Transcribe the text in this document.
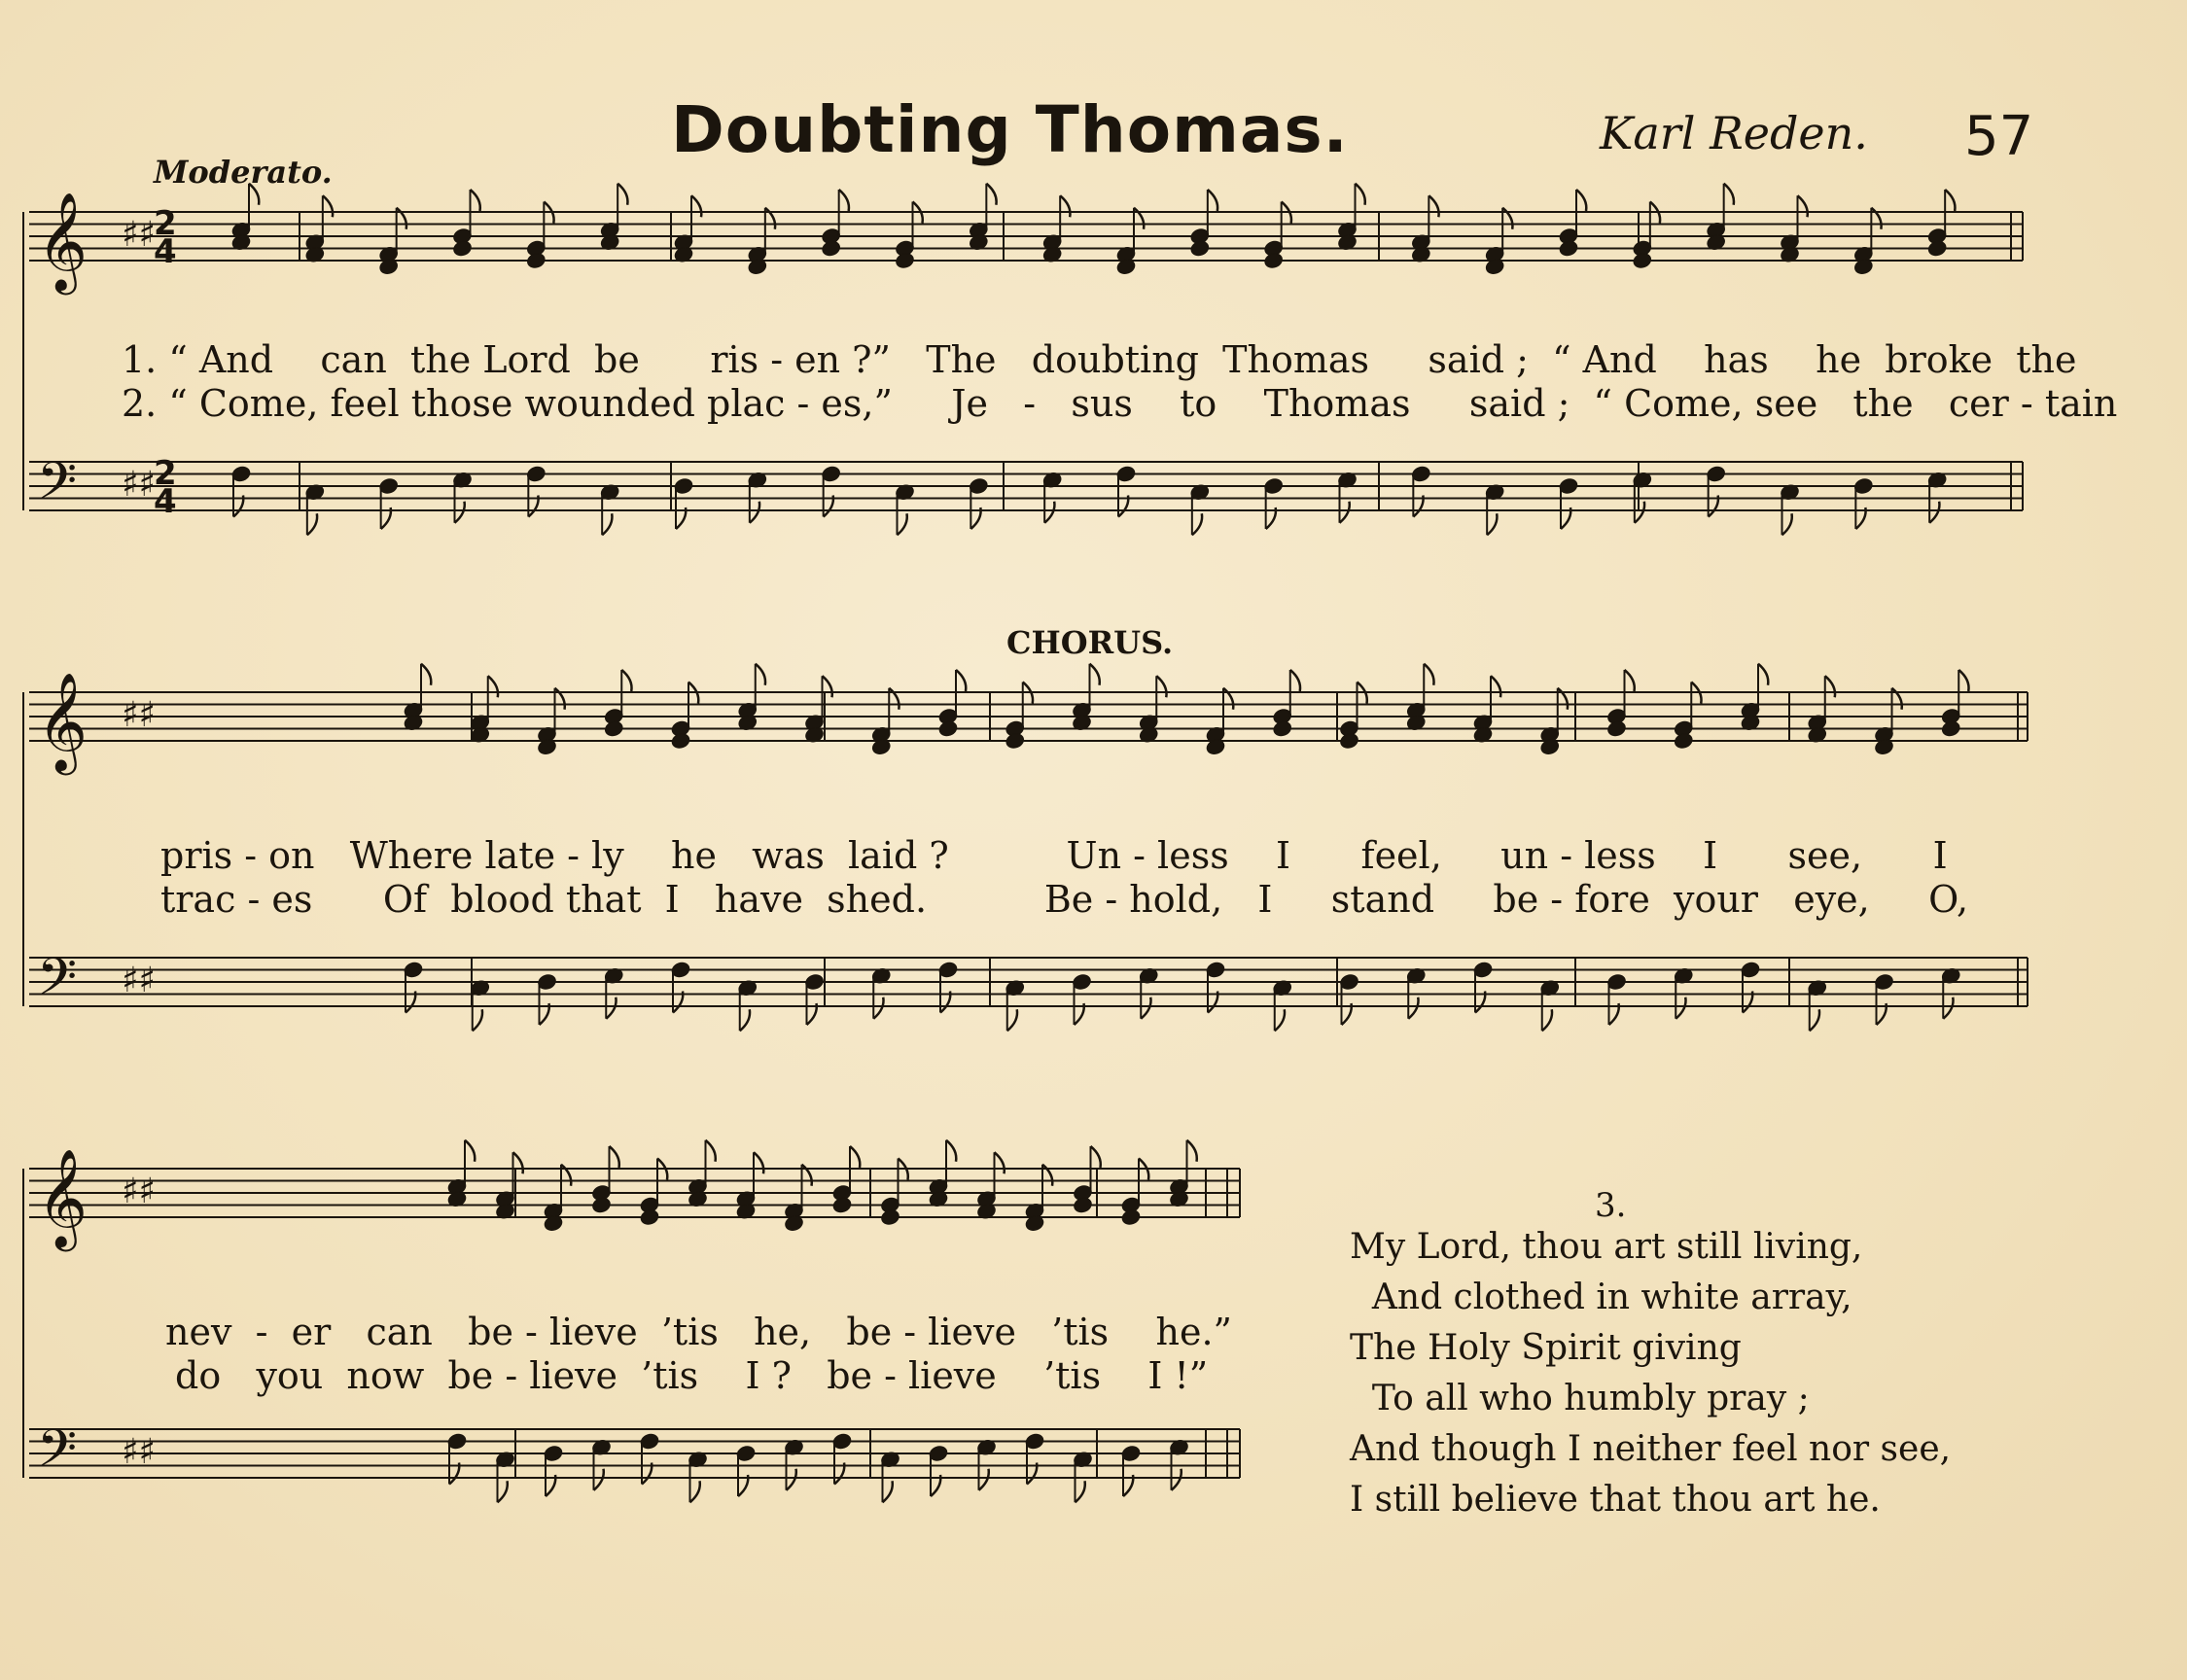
Doubting Thomas.
Moderato.
Karl Reden. 57
CHORUS.
𝄞 ♯♯
2
4
𝄢 ♯♯
2
4
𝄞 ♯♯
𝄢 ♯♯
𝄞 ♯♯
𝄢 ♯♯
1. “ And    can  the Lord  be      ris - en ?”   The   doubting  Thomas     said ;  “ And    has    he  broke  the
2. “ Come, feel those wounded plac - es,”     Je   -   sus    to    Thomas     said ;  “ Come, see   the   cer - tain
pris - on   Where late - ly    he   was  laid ?          Un - less    I      feel,     un - less    I      see,      I
trac - es      Of  blood that  I   have  shed.          Be - hold,   I     stand     be - fore  your   eye,     O,
nev  -  er   can   be - lieve  ’tis   he,   be - lieve   ’tis    he.”
do   you  now  be - lieve  ’tis    I ?   be - lieve    ’tis    I !”
3.
My Lord, thou art still living,
And clothed in white array,
The Holy Spirit giving
To all who humbly pray ;
And though I neither feel nor see,
I still believe that thou art he.
